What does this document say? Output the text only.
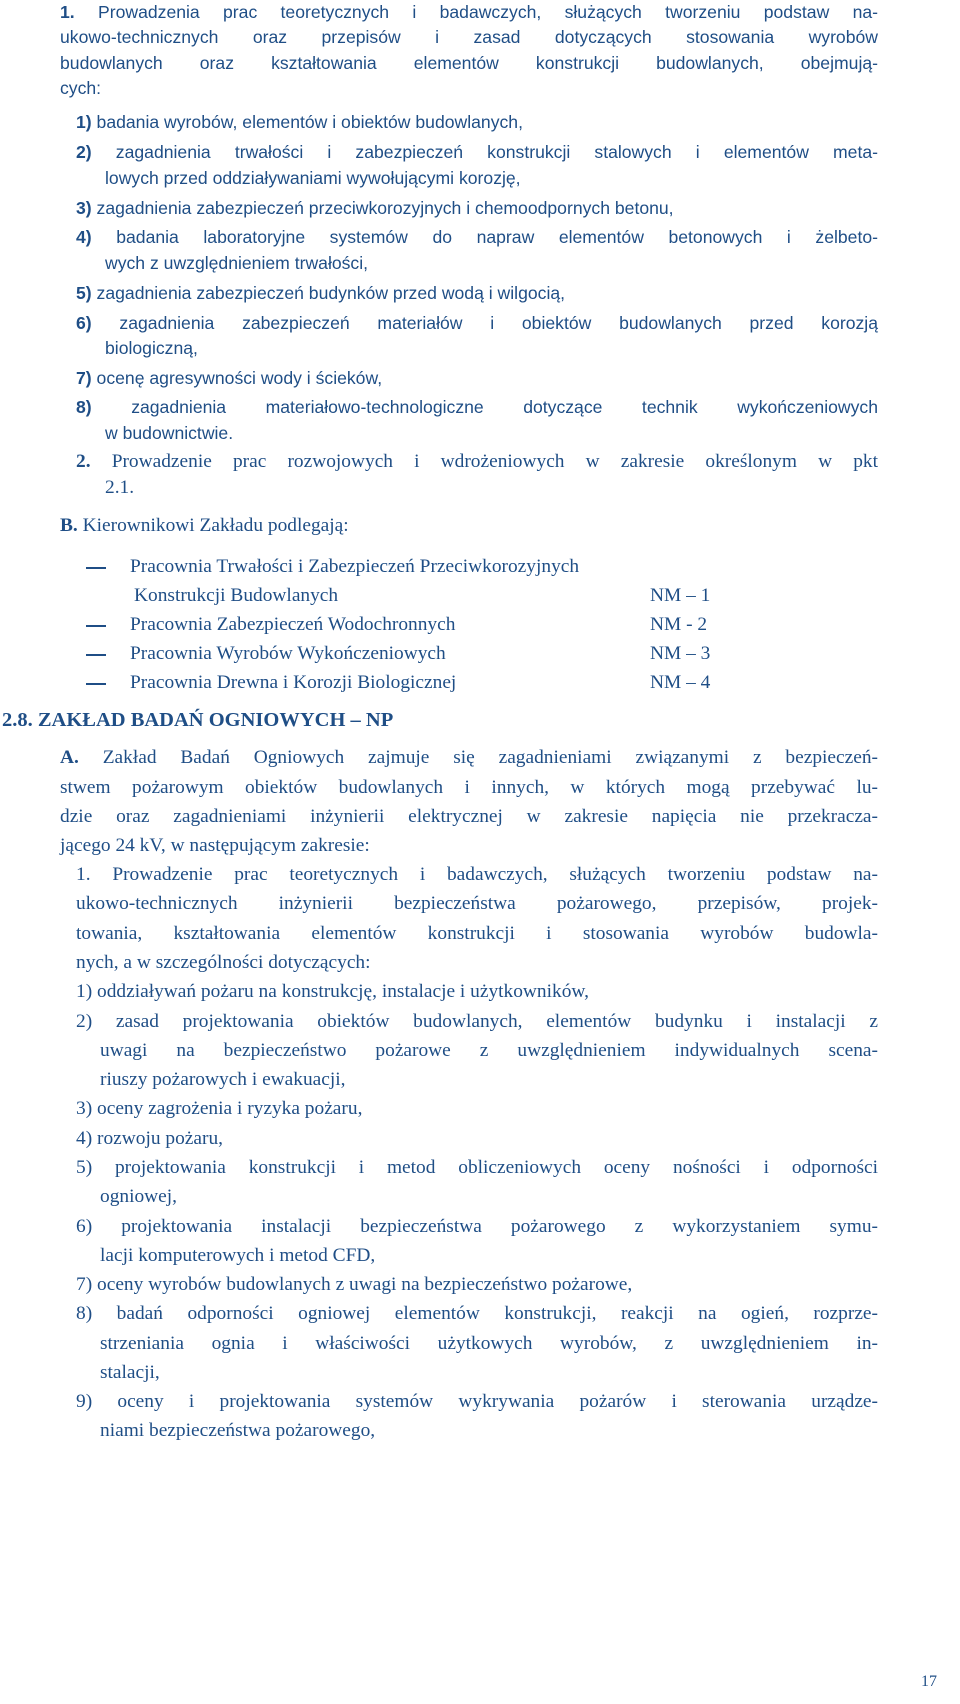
1. Prowadzenia prac teoretycznych i badawczych, służących tworzeniu podstaw na-
ukowo-technicznych oraz przepisów i zasad dotyczących stosowania wyrobów
budowlanych oraz kształtowania elementów konstrukcji budowlanych, obejmują-
cych:
1) badania wyrobów, elementów i obiektów budowlanych,
2) zagadnienia trwałości i zabezpieczeń konstrukcji stalowych i elementów meta-
lowych przed oddziaływaniami wywołującymi korozję,
3) zagadnienia zabezpieczeń przeciwkorozyjnych i chemoodpornych betonu,
4) badania laboratoryjne systemów do napraw elementów betonowych i żelbeto-
wych z uwzględnieniem trwałości,
5) zagadnienia zabezpieczeń budynków przed wodą i wilgocią,
6) zagadnienia zabezpieczeń materiałów i obiektów budowlanych przed korozją
biologiczną,
7) ocenę agresywności wody i ścieków,
8) zagadnienia materiałowo-technologiczne dotyczące technik wykończeniowych
w budownictwie.
2. Prowadzenie prac rozwojowych i wdrożeniowych w zakresie określonym w pkt
2.1.
B. Kierownikowi Zakładu podlegają:
Pracownia Trwałości i Zabezpieczeń Przeciwkorozyjnych
Konstrukcji Budowlanych	NM – 1
Pracownia Zabezpieczeń Wodochronnych	NM - 2
Pracownia Wyrobów Wykończeniowych	NM – 3
Pracownia Drewna i Korozji Biologicznej	NM – 4
2.8. ZAKŁAD BADAŃ OGNIOWYCH – NP
A. Zakład Badań Ogniowych zajmuje się zagadnieniami związanymi z bezpieczeń-
stwem pożarowym obiektów budowlanych i innych, w których mogą przebywać lu-
dzie oraz zagadnieniami inżynierii elektrycznej w zakresie napięcia nie przekracza-
jącego 24 kV, w następującym zakresie:
1. Prowadzenie prac teoretycznych i badawczych, służących tworzeniu podstaw na-
ukowo-technicznych inżynierii bezpieczeństwa pożarowego, przepisów, projek-
towania, kształtowania elementów konstrukcji i stosowania wyrobów budowla-
nych, a w szczególności dotyczących:
1) oddziaływań pożaru na konstrukcję, instalacje i użytkowników,
2) zasad projektowania obiektów budowlanych, elementów budynku i instalacji z
uwagi na bezpieczeństwo pożarowe z uwzględnieniem indywidualnych scena-
riuszy pożarowych i ewakuacji,
3) oceny zagrożenia i ryzyka pożaru,
4) rozwoju pożaru,
5) projektowania konstrukcji i metod obliczeniowych oceny nośności i odporności
ogniowej,
6) projektowania instalacji bezpieczeństwa pożarowego z wykorzystaniem symu-
lacji komputerowych i metod CFD,
7) oceny wyrobów budowlanych z uwagi na bezpieczeństwo pożarowe,
8) badań odporności ogniowej elementów konstrukcji, reakcji na ogień, rozprze-
strzeniania ognia i właściwości użytkowych wyrobów, z uwzględnieniem in-
stalacji,
9) oceny i projektowania systemów wykrywania pożarów i sterowania urządze-
niami bezpieczeństwa pożarowego,
17
